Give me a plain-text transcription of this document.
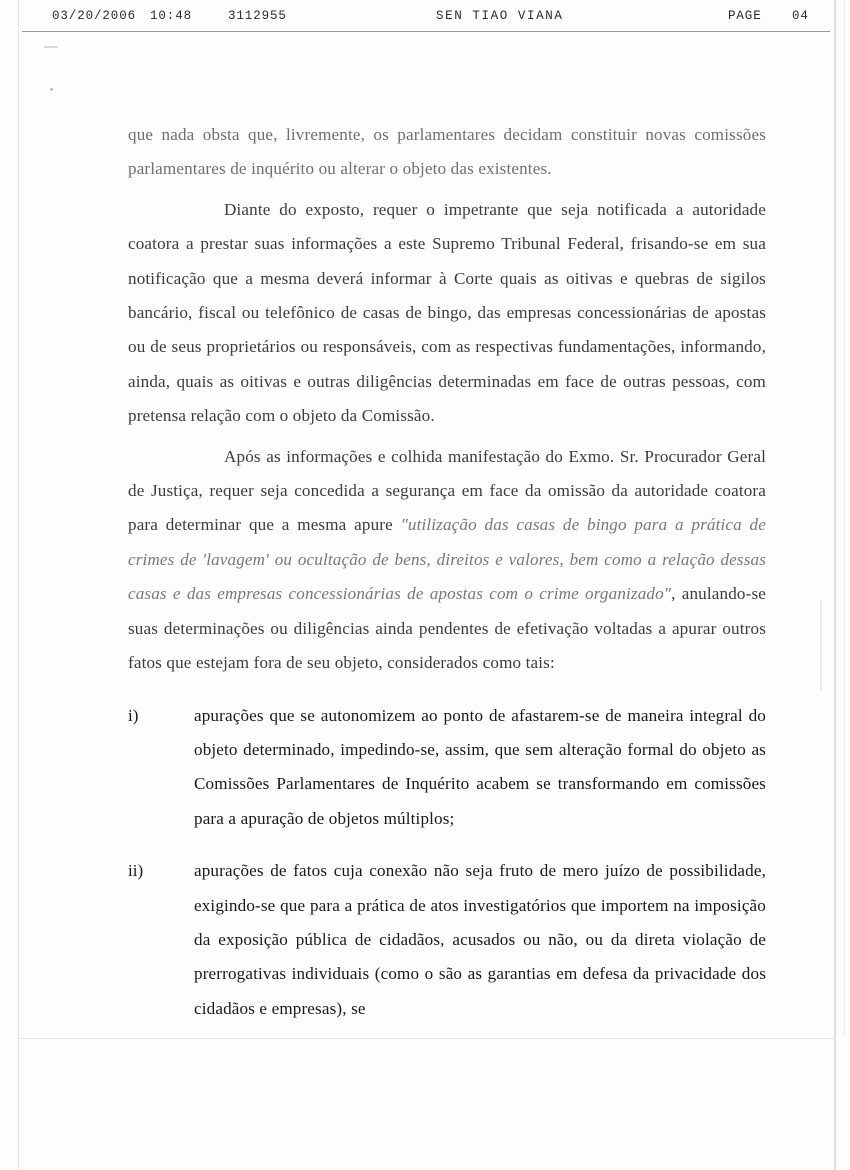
03/20/2006 10:48	3112955	SEN TIAO VIANA	PAGE 04

que nada obsta que, livremente, os parlamentares decidam constituir novas comissões parlamentares de inquérito ou alterar o objeto das existentes.

Diante do exposto, requer o impetrante que seja notificada a autoridade coatora a prestar suas informações a este Supremo Tribunal Federal, frisando-se em sua notificação que a mesma deverá informar à Corte quais as oitivas e quebras de sigilos bancário, fiscal ou telefônico de casas de bingo, das empresas concessionárias de apostas ou de seus proprietários ou responsáveis, com as respectivas fundamentações, informando, ainda, quais as oitivas e outras diligências determinadas em face de outras pessoas, com pretensa relação com o objeto da Comissão.

Após as informações e colhida manifestação do Exmo. Sr. Procurador Geral de Justiça, requer seja concedida a segurança em face da omissão da autoridade coatora para determinar que a mesma apure "utilização das casas de bingo para a prática de crimes de 'lavagem' ou ocultação de bens, direitos e valores, bem como a relação dessas casas e das empresas concessionárias de apostas com o crime organizado", anulando-se suas determinações ou diligências ainda pendentes de efetivação voltadas a apurar outros fatos que estejam fora de seu objeto, considerados como tais:

i)	apurações que se autonomizem ao ponto de afastarem-se de maneira integral do objeto determinado, impedindo-se, assim, que sem alteração formal do objeto as Comissões Parlamentares de Inquérito acabem se transformando em comissões para a apuração de objetos múltiplos;

ii)	apurações de fatos cuja conexão não seja fruto de mero juízo de possibilidade, exigindo-se que para a prática de atos investigatórios que importem na imposição da exposição pública de cidadãos, acusados ou não, ou da direta violação de prerrogativas individuais (como o são as garantias em defesa da privacidade dos cidadãos e empresas), se
